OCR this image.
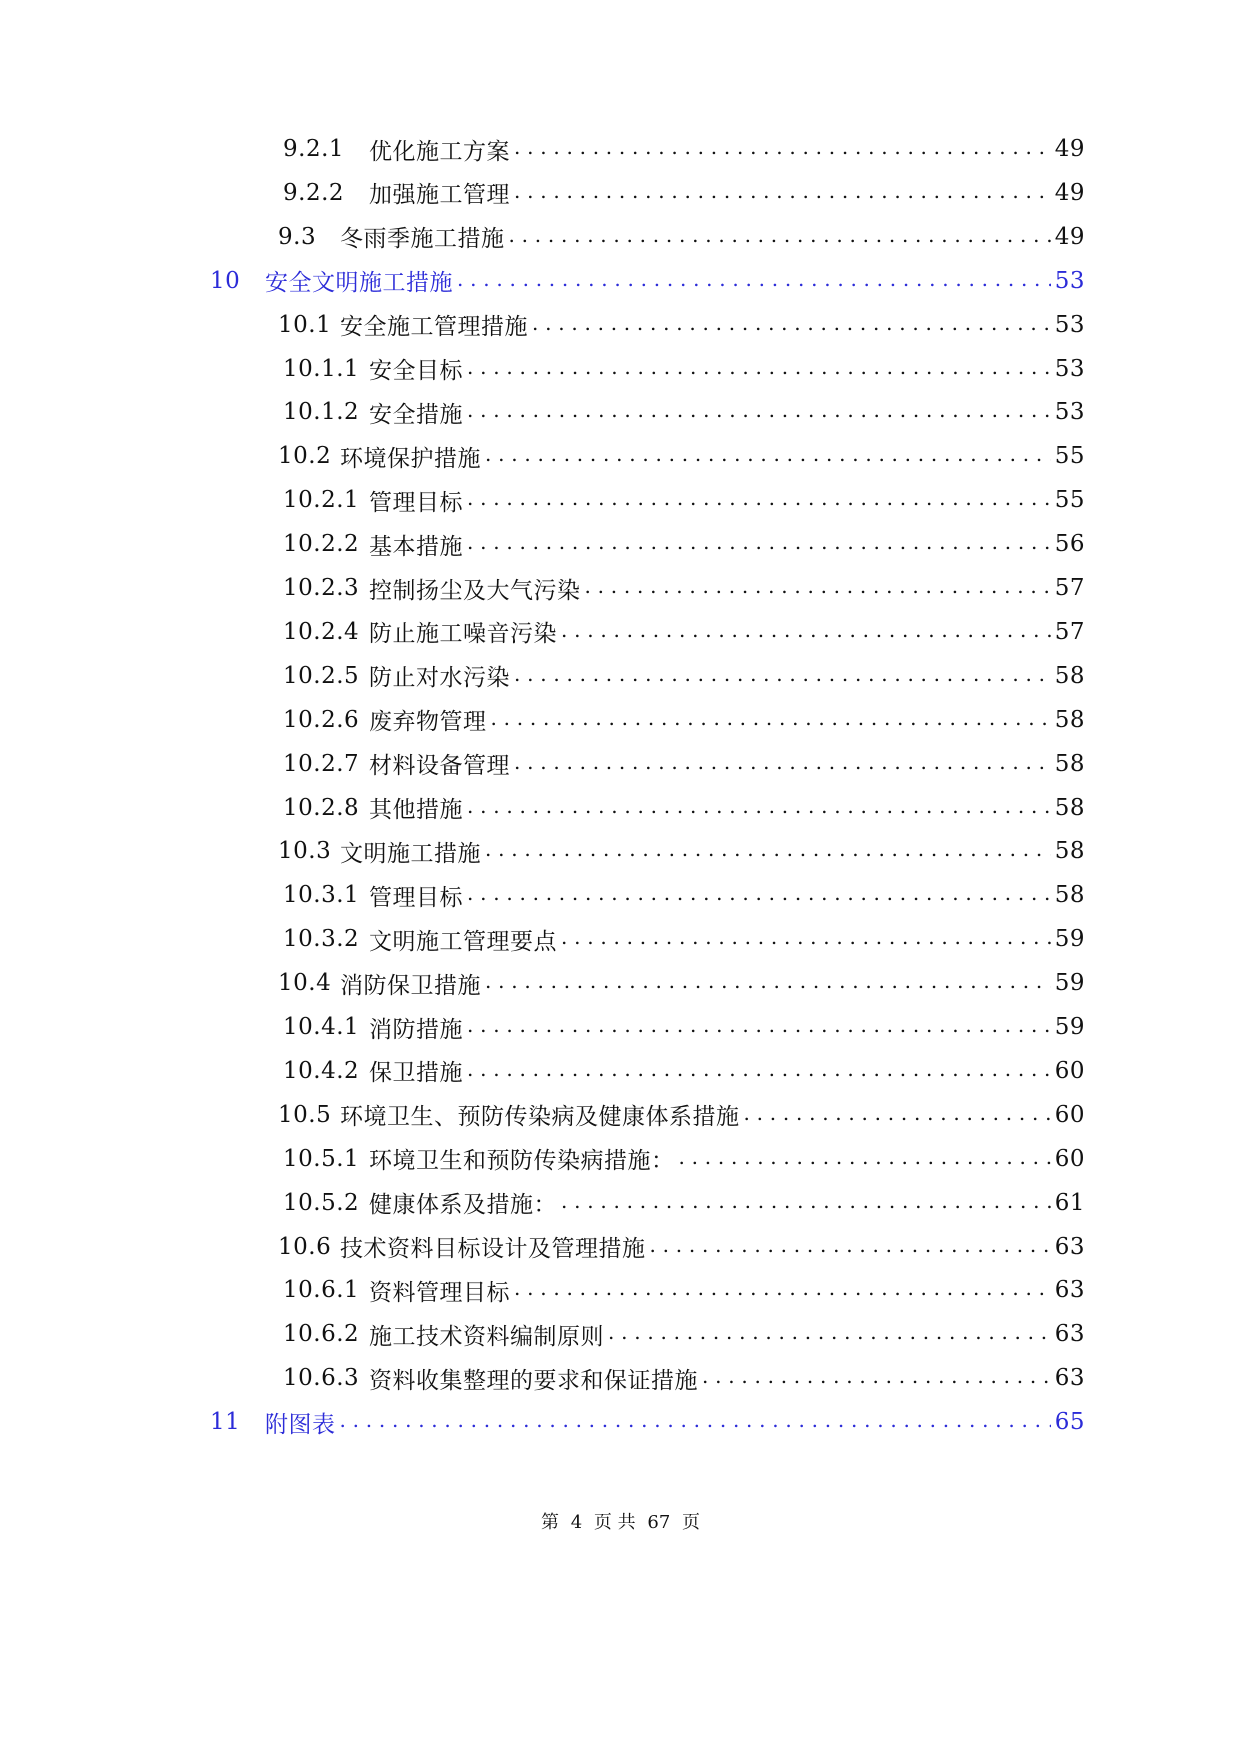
9.2.1	优化施工方案 . . .	49
9.2.2	加强施工管理 . . .	49
9.3	冬雨季施工措施 . . .	49
10	安全文明施工措施 . . .	53
10.1 安全施工管理措施 . . .	53
10.1.1 安全目标 . . .	53
10.1.2 安全措施 . . .	53
10.2 环境保护措施 . . .	55
10.2.1 管理目标 . . .	55
10.2.2 基本措施 . . .	56
10.2.3 控制扬尘及大气污染 . . .	57
10.2.4 防止施工噪音污染 . . .	57
10.2.5 防止对水污染 . . .	58
10.2.6 废弃物管理 . . .	58
10.2.7 材料设备管理 . . .	58
10.2.8 其他措施 . . .	58
10.3 文明施工措施 . . .	58
10.3.1 管理目标 . . .	58
10.3.2 文明施工管理要点 . . .	59
10.4 消防保卫措施 . . .	59
10.4.1 消防措施 . . .	59
10.4.2 保卫措施 . . .	60
10.5 环境卫生、预防传染病及健康体系措施 . . .	60
10.5.1 环境卫生和预防传染病措施： . . .	60
10.5.2 健康体系及措施： . . .	61
10.6 技术资料目标设计及管理措施 . . .	63
10.6.1 资料管理目标 . . .	63
10.6.2 施工技术资料编制原则 . . .	63
10.6.3 资料收集整理的要求和保证措施 . . .	63
11	附图表 . . .	65
第 4 页 共 67 页
